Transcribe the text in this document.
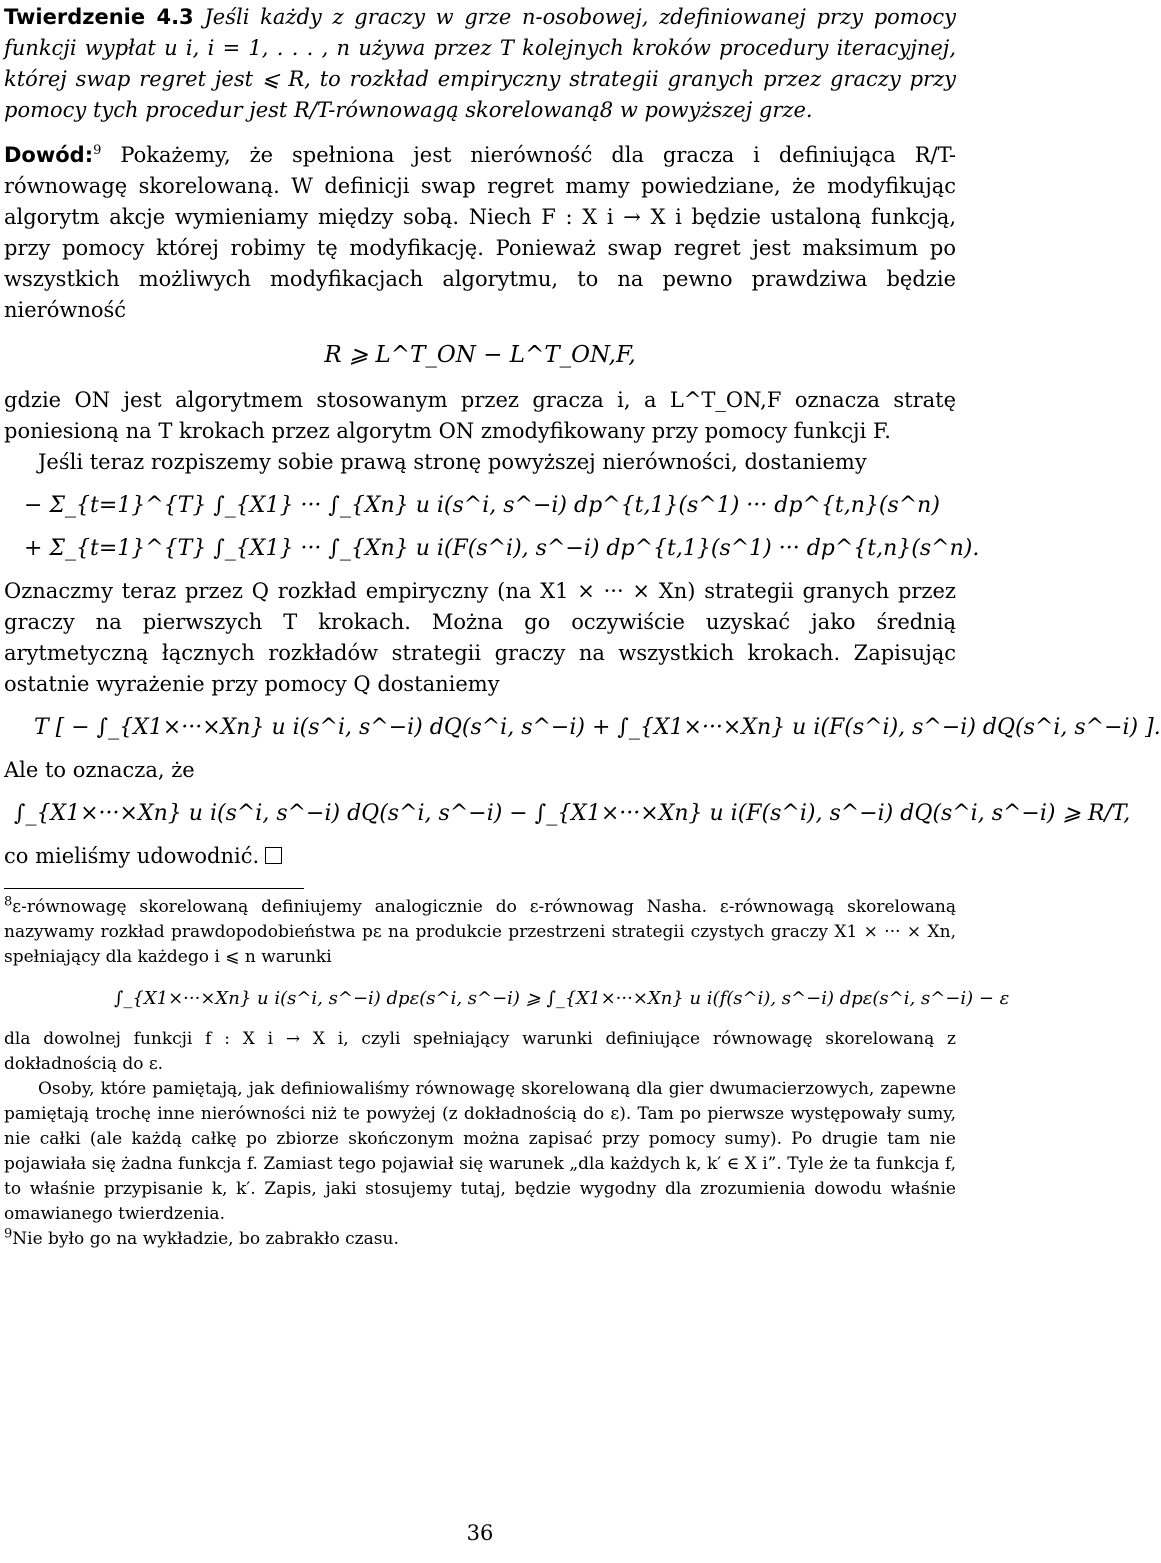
Twierdzenie 4.3 Jeśli każdy z graczy w grze n-osobowej, zdefiniowanej przy pomocy funkcji wypłat u i, i = 1, . . . , n używa przez T kolejnych kroków procedury iteracyjnej, której swap regret jest ⩽ R, to rozkład empiryczny strategii granych przez graczy przy pomocy tych procedur jest R/T-równowagą skorelowaną8 w powyższej grze.

Dowód:$^9$ Pokażemy, że spełniona jest nierówność dla gracza i definiująca R/T-równowagę skorelowaną. W definicji swap regret mamy powiedziane, że modyfikując algorytm akcje wymieniamy między sobą. Niech F : X i → X i będzie ustaloną funkcją, przy pomocy której robimy tę modyfikację. Ponieważ swap regret jest maksimum po wszystkich możliwych modyfikacjach algorytmu, to na pewno prawdziwa będzie nierówność

R ⩾ L^T_ON − L^T_ON,F,

gdzie ON jest algorytmem stosowanym przez gracza i, a L^T_ON,F oznacza stratę poniesioną na T krokach przez algorytm ON zmodyfikowany przy pomocy funkcji F.

Jeśli teraz rozpiszemy sobie prawą stronę powyższej nierówności, dostaniemy

− Σ_{t=1}^{T} ∫_{X1} ··· ∫_{Xn} u i(s^i, s^−i) dp^{t,1}(s^1) ··· dp^{t,n}(s^n)
+ Σ_{t=1}^{T} ∫_{X1} ··· ∫_{Xn} u i(F(s^i), s^−i) dp^{t,1}(s^1) ··· dp^{t,n}(s^n).

Oznaczmy teraz przez Q rozkład empiryczny (na X1 × ··· × Xn) strategii granych przez graczy na pierwszych T krokach. Można go oczywiście uzyskać jako średnią arytmetyczną łącznych rozkładów strategii graczy na wszystkich krokach. Zapisując ostatnie wyrażenie przy pomocy Q dostaniemy

T [ − ∫_{X1×···×Xn} u i(s^i, s^−i) dQ(s^i, s^−i) + ∫_{X1×···×Xn} u i(F(s^i), s^−i) dQ(s^i, s^−i) ].

Ale to oznacza, że

∫_{X1×···×Xn} u i(s^i, s^−i) dQ(s^i, s^−i) − ∫_{X1×···×Xn} u i(F(s^i), s^−i) dQ(s^i, s^−i) ⩾ R/T,

co mieliśmy udowodnić.

$^8$ε-równowagę skorelowaną definiujemy analogicznie do ε-równowag Nasha. ε-równowagą skorelowaną nazywamy rozkład prawdopodobieństwa pε na produkcie przestrzeni strategii czystych graczy X1 × ··· × Xn, spełniający dla każdego i ⩽ n warunki

∫_{X1×···×Xn} u i(s^i, s^−i) dpε(s^i, s^−i) ⩾ ∫_{X1×···×Xn} u i(f(s^i), s^−i) dpε(s^i, s^−i) − ε

dla dowolnej funkcji f : X i → X i, czyli spełniający warunki definiujące równowagę skorelowaną z dokładnością do ε.

Osoby, które pamiętają, jak definiowaliśmy równowagę skorelowaną dla gier dwumacierzowych, zapewne pamiętają trochę inne nierówności niż te powyżej (z dokładnością do ε). Tam po pierwsze występowały sumy, nie całki (ale każdą całkę po zbiorze skończonym można zapisać przy pomocy sumy). Po drugie tam nie pojawiała się żadna funkcja f. Zamiast tego pojawiał się warunek „dla każdych k, k′ ∈ X i”. Tyle że ta funkcja f, to właśnie przypisanie k, k′. Zapis, jaki stosujemy tutaj, będzie wygodny dla zrozumienia dowodu właśnie omawianego twierdzenia.

$^9$Nie było go na wykładzie, bo zabrakło czasu.

36
